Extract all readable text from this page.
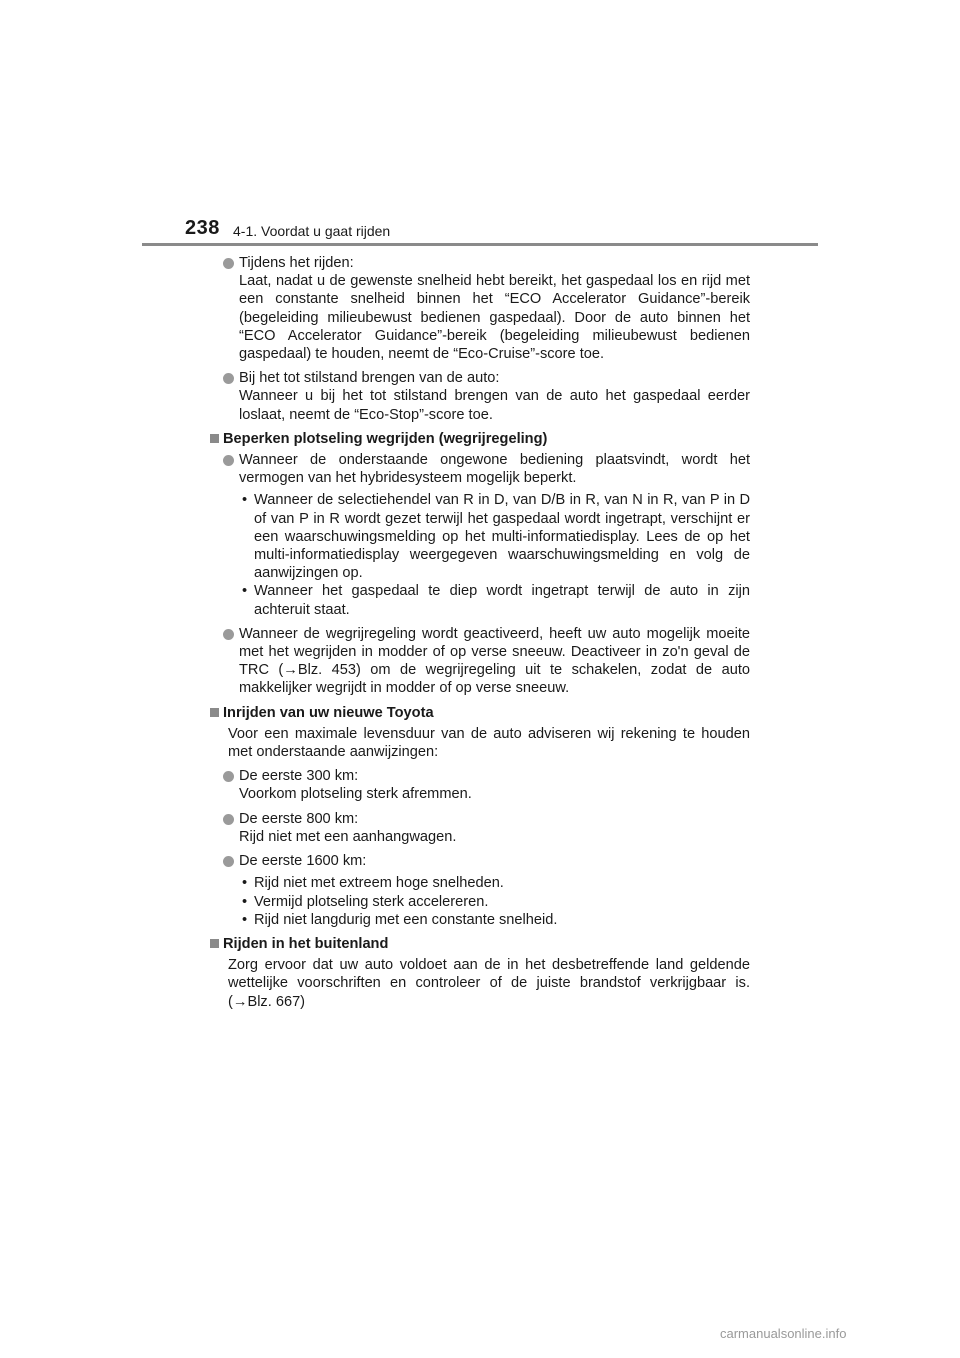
238 4-1. Voordat u gaat rijden
Tijdens het rijden:
Laat, nadat u de gewenste snelheid hebt bereikt, het gaspedaal los en rijd met een constante snelheid binnen het “ECO Accelerator Guidance”-bereik (begeleiding milieubewust bedienen gaspedaal). Door de auto binnen het “ECO Accelerator Guidance”-bereik (begeleiding milieubewust bedienen gaspedaal) te houden, neemt de “Eco-Cruise”-score toe.
Bij het tot stilstand brengen van de auto:
Wanneer u bij het tot stilstand brengen van de auto het gaspedaal eerder loslaat, neemt de “Eco-Stop”-score toe.
Beperken plotseling wegrijden (wegrijregeling)
Wanneer de onderstaande ongewone bediening plaatsvindt, wordt het vermogen van het hybridesysteem mogelijk beperkt.
• Wanneer de selectiehendel van R in D, van D/B in R, van N in R, van P in D of van P in R wordt gezet terwijl het gaspedaal wordt ingetrapt, verschijnt er een waarschuwingsmelding op het multi-informatiedisplay. Lees de op het multi-informatiedisplay weergegeven waarschuwingsmelding en volg de aanwijzingen op.
• Wanneer het gaspedaal te diep wordt ingetrapt terwijl de auto in zijn achteruit staat.
Wanneer de wegrijregeling wordt geactiveerd, heeft uw auto mogelijk moeite met het wegrijden in modder of op verse sneeuw. Deactiveer in zo'n geval de TRC (→Blz. 453) om de wegrijregeling uit te schakelen, zodat de auto makkelijker wegrijdt in modder of op verse sneeuw.
Inrijden van uw nieuwe Toyota
Voor een maximale levensduur van de auto adviseren wij rekening te houden met onderstaande aanwijzingen:
De eerste 300 km:
Voorkom plotseling sterk afremmen.
De eerste 800 km:
Rijd niet met een aanhangwagen.
De eerste 1600 km:
• Rijd niet met extreem hoge snelheden.
• Vermijd plotseling sterk accelereren.
• Rijd niet langdurig met een constante snelheid.
Rijden in het buitenland
Zorg ervoor dat uw auto voldoet aan de in het desbetreffende land geldende wettelijke voorschriften en controleer of de juiste brandstof verkrijgbaar is. (→Blz. 667)
carmanualsonline.info
